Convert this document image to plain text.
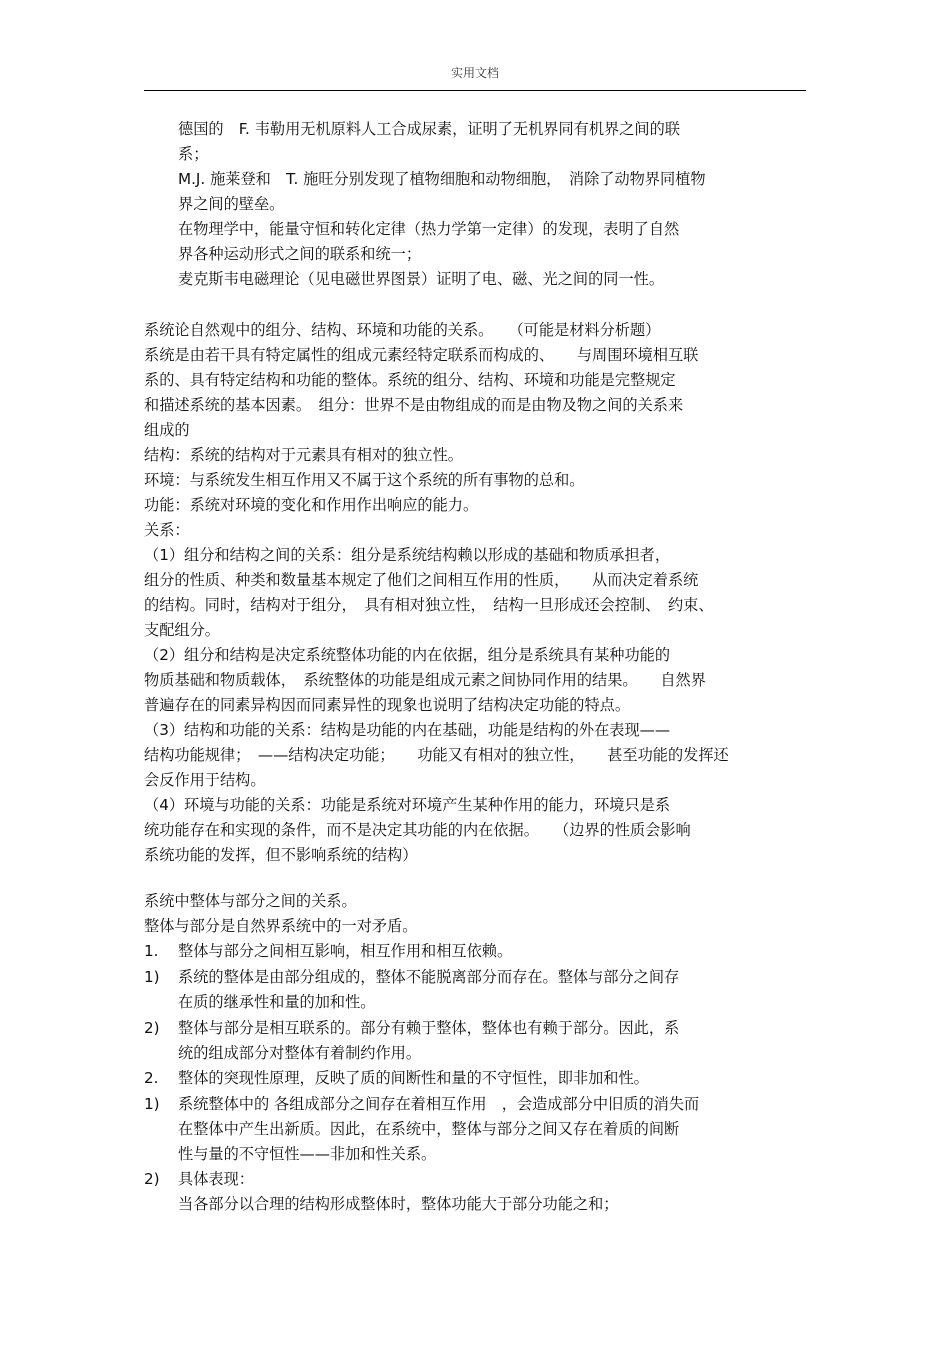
实用文档
德国的　F. 韦勒用无机原料人工合成尿素，证明了无机界同有机界之间的联
系；
M.J. 施莱登和　T. 施旺分别发现了植物细胞和动物细胞，　消除了动物界同植物
界之间的壁垒。
在物理学中，能量守恒和转化定律（热力学第一定律）的发现，表明了自然
界各种运动形式之间的联系和统一；
麦克斯韦电磁理论（见电磁世界图景）证明了电、磁、光之间的同一性。
系统论自然观中的组分、结构、环境和功能的关系。　　（可能是材料分析题）
系统是由若干具有特定属性的组成元素经特定联系而构成的、　　与周围环境相互联
系的、具有特定结构和功能的整体。系统的组分、结构、环境和功能是完整规定
和描述系统的基本因素。　组分：世界不是由物组成的而是由物及物之间的关系来
组成的
结构：系统的结构对于元素具有相对的独立性。
环境：与系统发生相互作用又不属于这个系统的所有事物的总和。
功能：系统对环境的变化和作用作出响应的能力。
关系：
（1）组分和结构之间的关系：组分是系统结构赖以形成的基础和物质承担者，
组分的性质、种类和数量基本规定了他们之间相互作用的性质，　　从而决定着系统
的结构。同时，结构对于组分，　具有相对独立性，　结构一旦形成还会控制、　约束、
支配组分。
（2）组分和结构是决定系统整体功能的内在依据，组分是系统具有某种功能的
物质基础和物质载体，　系统整体的功能是组成元素之间协同作用的结果。　　自然界
普遍存在的同素异构因而同素异性的现象也说明了结构决定功能的特点。
（3）结构和功能的关系：结构是功能的内在基础，功能是结构的外在表现——
结构功能规律；　——结构决定功能；　　功能又有相对的独立性，　　甚至功能的发挥还
会反作用于结构。
（4）环境与功能的关系：功能是系统对环境产生某种作用的能力，环境只是系
统功能存在和实现的条件，而不是决定其功能的内在依据。　　（边界的性质会影响
系统功能的发挥，但不影响系统的结构）
系统中整体与部分之间的关系。
整体与部分是自然界系统中的一对矛盾。
1. 整体与部分之间相互影响，相互作用和相互依赖。
1) 系统的整体是由部分组成的，整体不能脱离部分而存在。整体与部分之间存
在质的继承性和量的加和性。
2) 整体与部分是相互联系的。部分有赖于整体，整体也有赖于部分。因此，系
统的组成部分对整体有着制约作用。
2. 整体的突现性原理，反映了质的间断性和量的不守恒性，即非加和性。
1) 系统整体中的 各组成部分之间存在着相互作用　，会造成部分中旧质的消失而
在整体中产生出新质。因此，在系统中，整体与部分之间又存在着质的间断
性与量的不守恒性——非加和性关系。
2) 具体表现：
当各部分以合理的结构形成整体时，整体功能大于部分功能之和；
